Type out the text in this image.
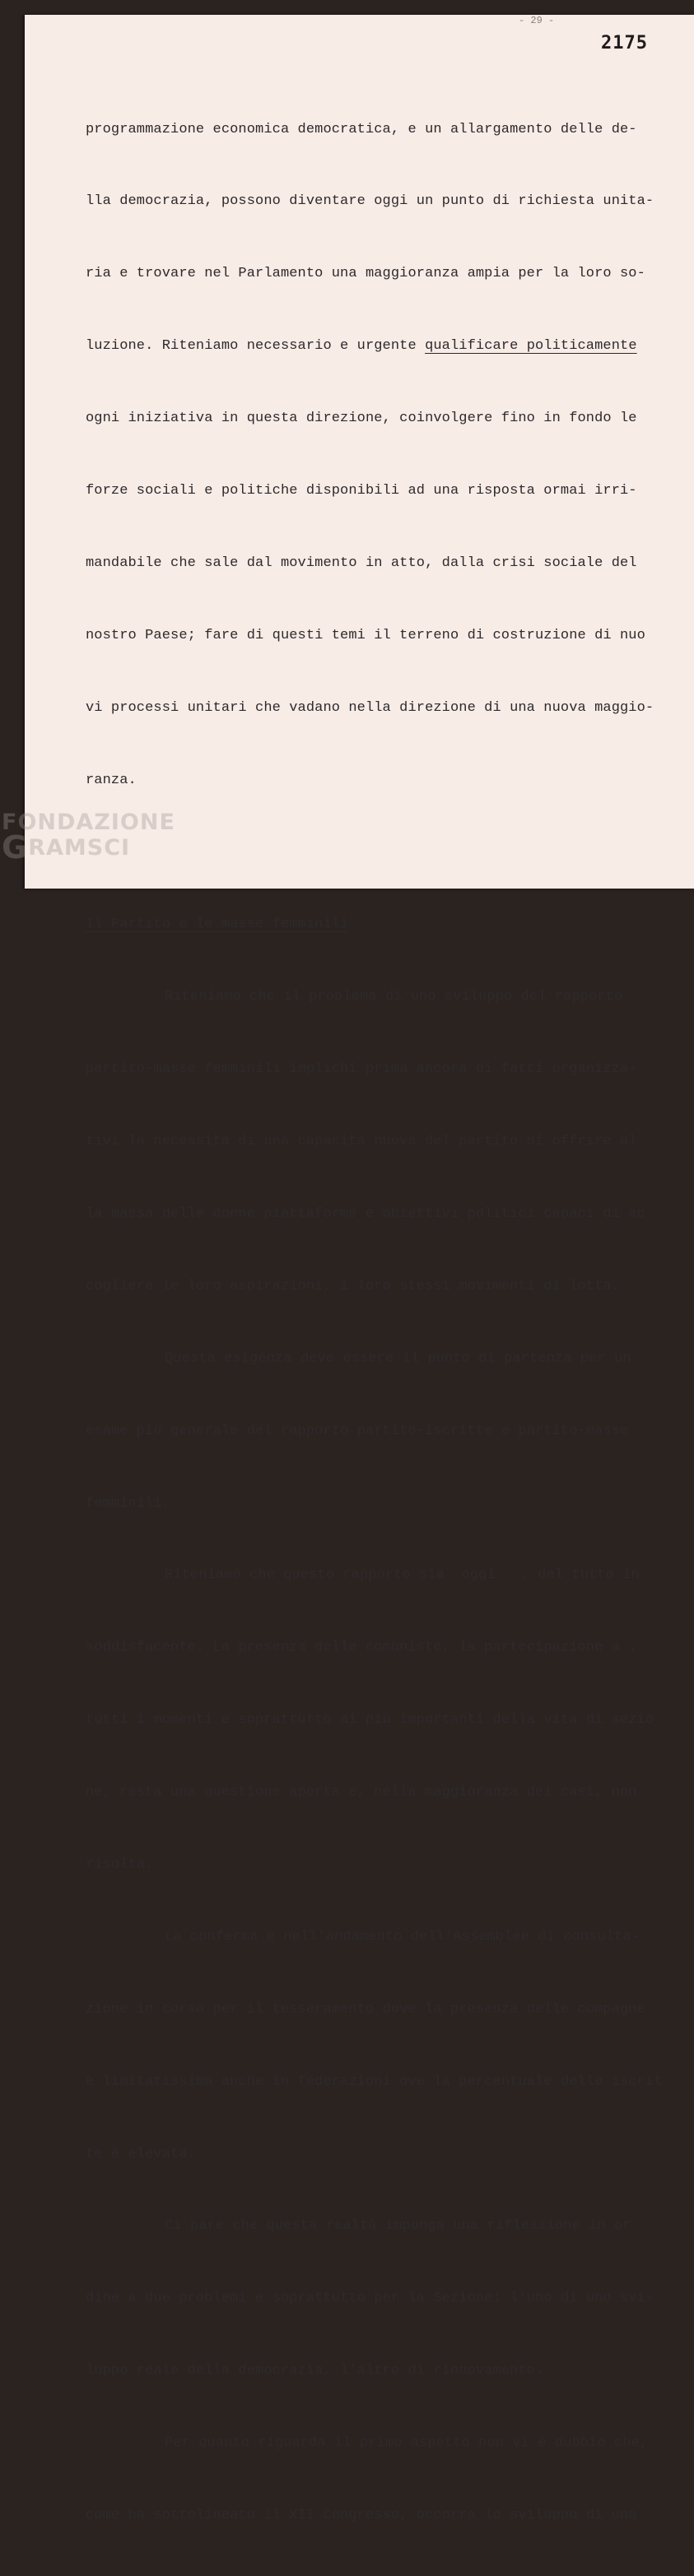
- 29 -
2175

programmazione economica democratica, e un allargamento delle de-

lla democrazia, possono diventare oggi un punto di richiesta unita-

ria e trovare nel Parlamento una maggioranza ampia per la loro so-

luzione. Riteniamo necessario e urgente qualificare politicamente

ogni iniziativa in questa direzione, coinvolgere fino in fondo le

forze sociali e politiche disponibili ad una risposta ormai irri-

mandabile che sale dal movimento in atto, dalla crisi sociale del

nostro Paese; fare di questi temi il terreno di costruzione di nuo

vi processi unitari che vadano nella direzione di una nuova maggio-

ranza.

Il Partito e le masse femminili

Riteniamo che il problema di uno sviluppo del rapporto

partito-masse femminili implichi prima ancora di fatti organizza-

tivi la necessità di una capacità nuova del partito di offrire al

la massa delle donne piattaforme e obiettivi politici capaci di ac

cogliere le loro aspirazioni, i loro stessi movimenti di lotta.

Questa esigenza deve essere il punto di partenza per un

esame più generale del rapporto partito-iscritte e partito-masse

femminili.

Riteniamo che questo rapporto sia  oggi   . del tutto in

soddisfacente. La presenza delle comuniste, la partecipazione a .

tutti i momenti e soprattutto ai più importanti della vita di sezio

ne, resta una questione aperta e, nella maggioranza dei casi, non

risolta.

La conferma è nell'andamento dell'Assemblee di consulta-

zione in corso per il tesseramento dove la presenza delle compagne

è limitatissima anche in federazioni ove la percentuale delle iscrit

te è elevata.

Ci pare che questa realtà imponga una riflessione in or

dine a due problemi e soprattutto per la Sezione: l'uno di uno svi-

luppo reale della democrazia, l'altro di rinnovamento.

Per quanto riguarda il primo aspetto non vi è dubbio che,

come ha sottolineato il XII Congresso, occorra lo sviluppo di una

FONDAZIONE
GRAMSCI
